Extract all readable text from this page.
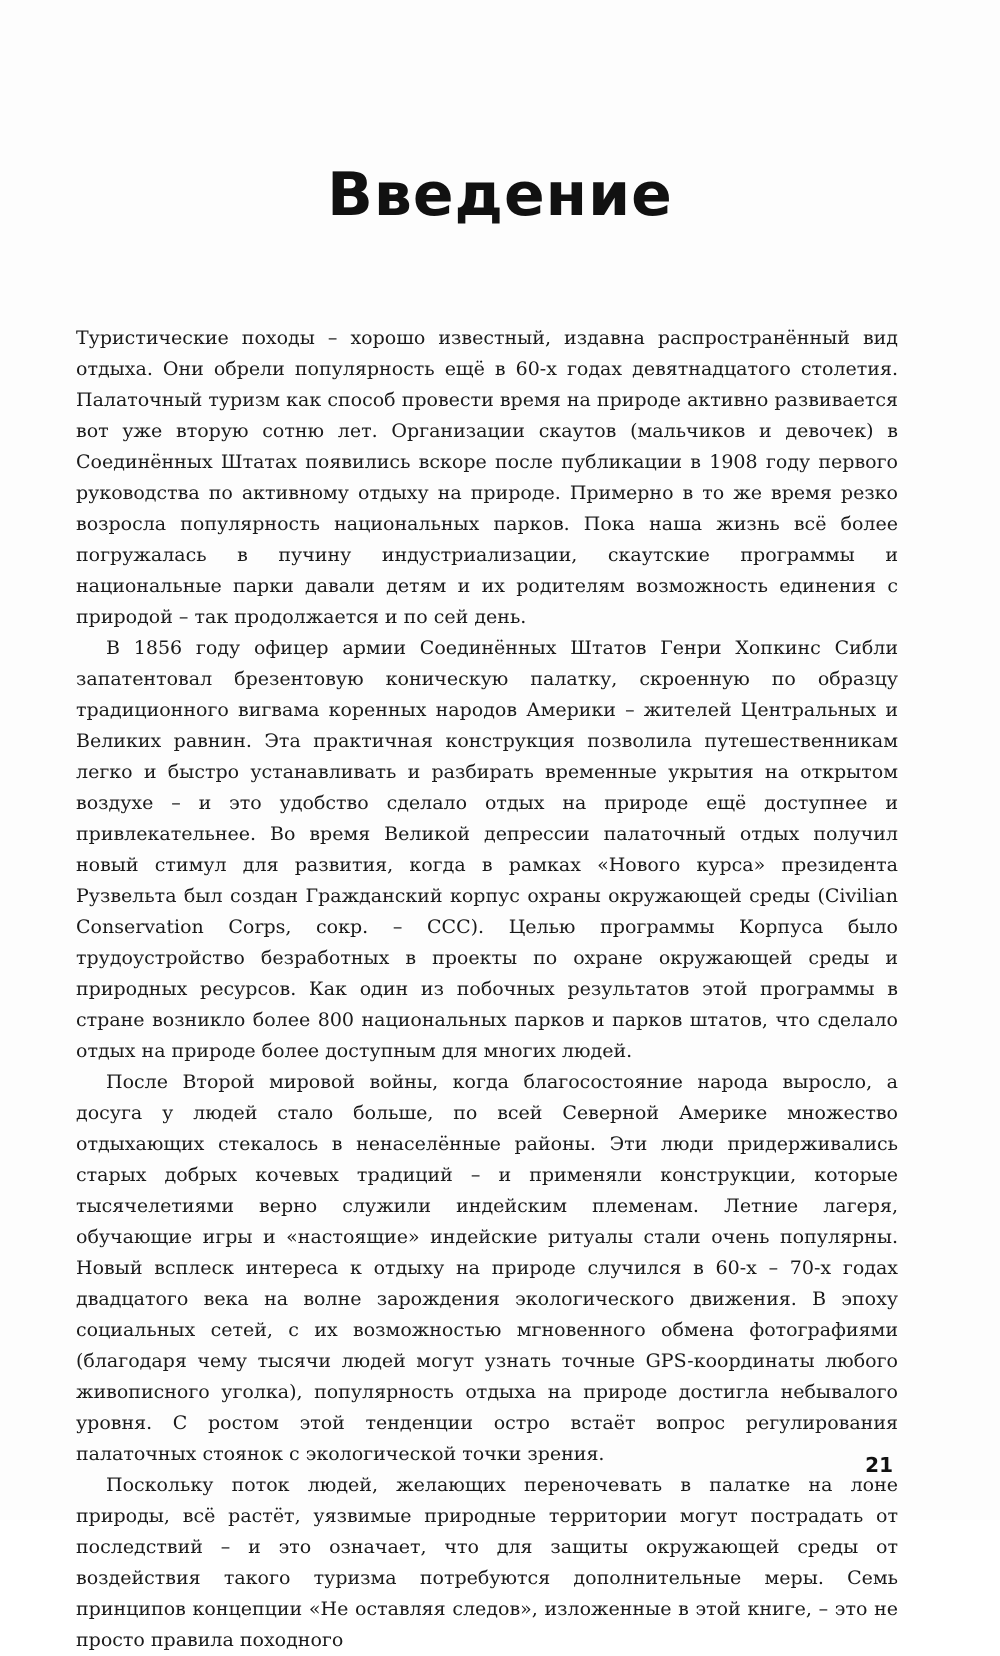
Введение

Туристические походы – хорошо известный, издавна распространённый вид отдыха. Они обрели популярность ещё в 60-х годах девятнадцатого столетия. Палаточный туризм как способ провести время на природе активно развивается вот уже вторую сотню лет. Организации скаутов (мальчиков и девочек) в Соединённых Штатах появились вскоре после публикации в 1908 году первого руководства по активному отдыху на природе. Примерно в то же время резко возросла популярность национальных парков. Пока наша жизнь всё более погружалась в пучину индустриализации, скаутские программы и национальные парки давали детям и их родителям возможность единения с природой – так продолжается и по сей день.

В 1856 году офицер армии Соединённых Штатов Генри Хопкинс Сибли запатентовал брезентовую коническую палатку, скроенную по образцу традиционного вигвама коренных народов Америки – жителей Центральных и Великих равнин. Эта практичная конструкция позволила путешественникам легко и быстро устанавливать и разбирать временные укрытия на открытом воздухе – и это удобство сделало отдых на природе ещё доступнее и привлекательнее. Во время Великой депрессии палаточный отдых получил новый стимул для развития, когда в рамках «Нового курса» президента Рузвельта был создан Гражданский корпус охраны окружающей среды (Civilian Conservation Corps, сокр. – CCC). Целью программы Корпуса было трудоустройство безработных в проекты по охране окружающей среды и природных ресурсов. Как один из побочных результатов этой программы в стране возникло более 800 национальных парков и парков штатов, что сделало отдых на природе более доступным для многих людей.

После Второй мировой войны, когда благосостояние народа выросло, а досуга у людей стало больше, по всей Северной Америке множество отдыхающих стекалось в ненаселённые районы. Эти люди придерживались старых добрых кочевых традиций – и применяли конструкции, которые тысячелетиями верно служили индейским племенам. Летние лагеря, обучающие игры и «настоящие» индейские ритуалы стали очень популярны. Новый всплеск интереса к отдыху на природе случился в 60-х – 70-х годах двадцатого века на волне зарождения экологического движения. В эпоху социальных сетей, с их возможностью мгновенного обмена фотографиями (благодаря чему тысячи людей могут узнать точные GPS-координаты любого живописного уголка), популярность отдыха на природе достигла небывалого уровня. С ростом этой тенденции остро встаёт вопрос регулирования палаточных стоянок с экологической точки зрения.

Поскольку поток людей, желающих переночевать в палатке на лоне природы, всё растёт, уязвимые природные территории могут пострадать от последствий – и это означает, что для защиты окружающей среды от воздействия такого туризма потребуются дополнительные меры. Семь принципов концепции «Не оставляя следов», изложенные в этой книге, – это не просто правила походного

21
